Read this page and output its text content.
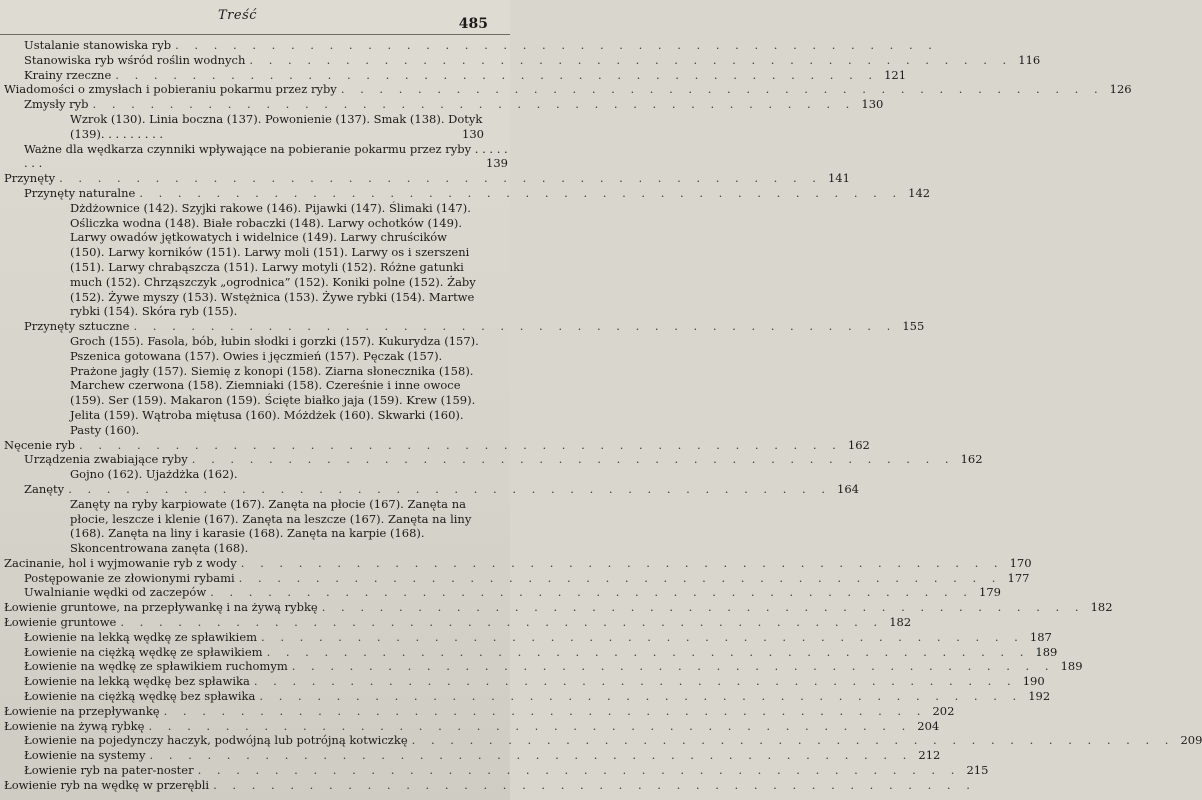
Treść
485
Ustalanie stanowiska ryb . . . . . . . . . . . . . . . . . . . . . . . . . . . . . . . . . . . . . . . .
Stanowiska ryb wśród roślin wodnych . . . . . . . . . . . . . . . . . . . . . . . . . . . . . . . . . . . . . . . . 116
Krainy rzeczne . . . . . . . . . . . . . . . . . . . . . . . . . . . . . . . . . . . . . . . . 121
Wiadomości o zmysłach i pobieraniu pokarmu przez ryby . . . . . . . . . . . . . . . . . . . . . . . . . . . . . . . . . . . . . . . . 126
Zmysły ryb . . . . . . . . . . . . . . . . . . . . . . . . . . . . . . . . . . . . . . . . 130
Wzrok (130). Linia boczna (137). Powonienie (137). Smak (138). Dotyk (139). . . . . . . . .	130
Ważne dla wędkarza czynniki wpływające na pobieranie pokarmu przez ryby . . . . . . . .	139
Przynęty . . . . . . . . . . . . . . . . . . . . . . . . . . . . . . . . . . . . . . . . 141
Przynęty naturalne . . . . . . . . . . . . . . . . . . . . . . . . . . . . . . . . . . . . . . . . 142
Dżdżownice (142). Szyjki rakowe (146). Pijawki (147). Ślimaki (147). Ośliczka wodna (148). Białe robaczki (148). Larwy ochotków (149). Larwy owadów jętkowatych i widelnice (149). Larwy chruścików (150). Larwy korników (151). Larwy moli (151). Larwy os i szerszeni (151). Larwy chrabąszcza (151). Larwy motyli (152). Różne gatunki much (152). Chrząszczyk „ogrodnica” (152). Koniki polne (152). Żaby (152). Żywe myszy (153). Wstężnica (153). Żywe rybki (154). Martwe rybki (154). Skóra ryb (155).
Przynęty sztuczne . . . . . . . . . . . . . . . . . . . . . . . . . . . . . . . . . . . . . . . . 155
Groch (155). Fasola, bób, łubin słodki i gorzki (157). Kukurydza (157). Pszenica gotowana (157). Owies i jęczmień (157). Pęczak (157). Prażone jagły (157). Siemię z konopi (158). Ziarna słonecznika (158). Marchew czerwona (158). Ziemniaki (158). Czereśnie i inne owoce (159). Ser (159). Makaron (159). Ścięte białko jaja (159). Krew (159). Jelita (159). Wątroba miętusa (160). Móżdżek (160). Skwarki (160). Pasty (160).
Nęcenie ryb . . . . . . . . . . . . . . . . . . . . . . . . . . . . . . . . . . . . . . . . 162
Urządzenia zwabiające ryby . . . . . . . . . . . . . . . . . . . . . . . . . . . . . . . . . . . . . . . . 162
Gojno (162). Ujażdżka (162).
Zanęty . . . . . . . . . . . . . . . . . . . . . . . . . . . . . . . . . . . . . . . . 164
Zanęty na ryby karpiowate (167). Zanęta na płocie (167). Zanęta na płocie, leszcze i klenie (167). Zanęta na leszcze (167). Zanęta na liny (168). Zanęta na liny i karasie (168). Zanęta na karpie (168). Skoncentrowana zanęta (168).
Zacinanie, hol i wyjmowanie ryb z wody . . . . . . . . . . . . . . . . . . . . . . . . . . . . . . . . . . . . . . . . 170
Postępowanie ze złowionymi rybami . . . . . . . . . . . . . . . . . . . . . . . . . . . . . . . . . . . . . . . . 177
Uwalnianie wędki od zaczepów . . . . . . . . . . . . . . . . . . . . . . . . . . . . . . . . . . . . . . . . 179
Łowienie gruntowe, na przepływankę i na żywą rybkę . . . . . . . . . . . . . . . . . . . . . . . . . . . . . . . . . . . . . . . . 182
Łowienie gruntowe . . . . . . . . . . . . . . . . . . . . . . . . . . . . . . . . . . . . . . . . 182
Łowienie na lekką wędkę ze spławikiem . . . . . . . . . . . . . . . . . . . . . . . . . . . . . . . . . . . . . . . . 187
Łowienie na ciężką wędkę ze spławikiem . . . . . . . . . . . . . . . . . . . . . . . . . . . . . . . . . . . . . . . . 189
Łowienie na wędkę ze spławikiem ruchomym . . . . . . . . . . . . . . . . . . . . . . . . . . . . . . . . . . . . . . . . 189
Łowienie na lekką wędkę bez spławika . . . . . . . . . . . . . . . . . . . . . . . . . . . . . . . . . . . . . . . . 190
Łowienie na ciężką wędkę bez spławika . . . . . . . . . . . . . . . . . . . . . . . . . . . . . . . . . . . . . . . . 192
Łowienie na przepływankę . . . . . . . . . . . . . . . . . . . . . . . . . . . . . . . . . . . . . . . . 202
Łowienie na żywą rybkę . . . . . . . . . . . . . . . . . . . . . . . . . . . . . . . . . . . . . . . . 204
Łowienie na pojedynczy haczyk, podwójną lub potrójną kotwiczkę . . . . . . . . . . . . . . . . . . . . . . . . . . . . . . . . . . . . . . . . 209
Łowienie na systemy . . . . . . . . . . . . . . . . . . . . . . . . . . . . . . . . . . . . . . . . 212
Łowienie ryb na pater-noster . . . . . . . . . . . . . . . . . . . . . . . . . . . . . . . . . . . . . . . . 215
Łowienie ryb na wędkę w przerębli . . . . . . . . . . . . . . . . . . . . . . . . . . . . . . . . . . . . . . . .
